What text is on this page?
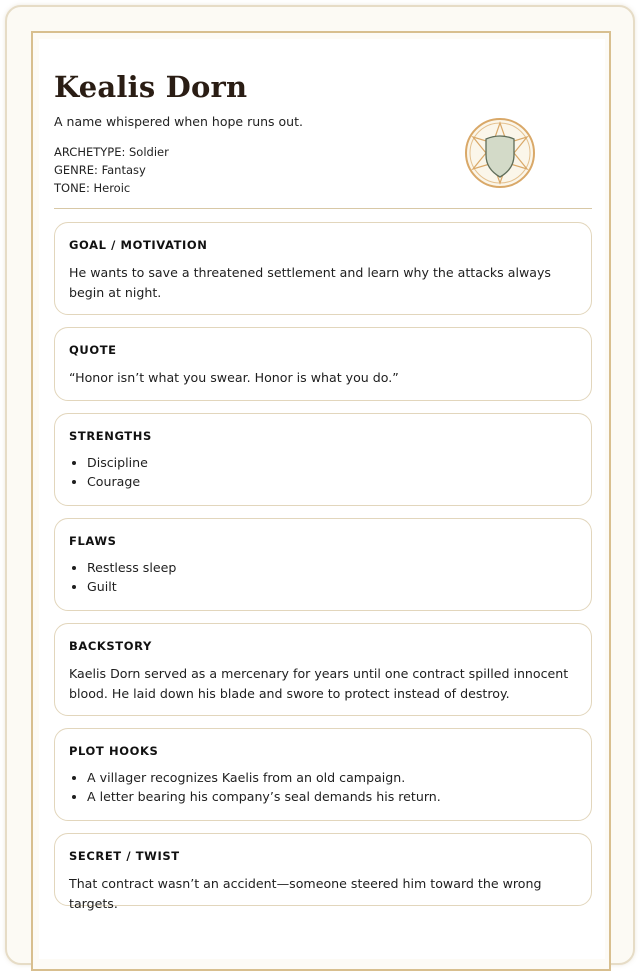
Kealis Dorn
A name whispered when hope runs out.
ARCHETYPE: Soldier
GENRE: Fantasy
TONE: Heroic
GOAL / MOTIVATION
He wants to save a threatened settlement and learn why the attacks always begin at night.
QUOTE
“Honor isn’t what you swear. Honor is what you do.”
STRENGTHS
• Discipline
• Courage
FLAWS
• Restless sleep
• Guilt
BACKSTORY
Kaelis Dorn served as a mercenary for years until one contract spilled innocent blood. He laid down his blade and swore to protect instead of destroy.
PLOT HOOKS
• A villager recognizes Kaelis from an old campaign.
• A letter bearing his company’s seal demands his return.
SECRET / TWIST
That contract wasn’t an accident—someone steered him toward the wrong targets.
